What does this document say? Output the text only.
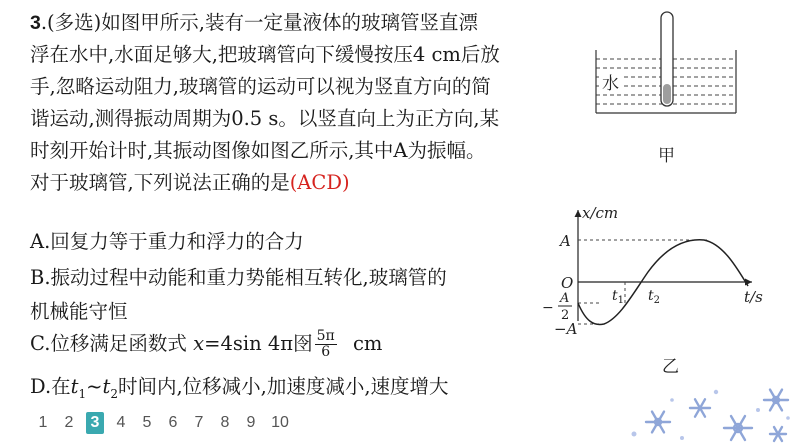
3.(多选)如图甲所示,装有一定量液体的玻璃管竖直漂
浮在水中,水面足够大,把玻璃管向下缓慢按压4 cm后放
手,忽略运动阻力,玻璃管的运动可以视为竖直方向的简
谐运动,测得振动周期为0.5 s。以竖直向上为正方向,某
时刻开始计时,其振动图像如图乙所示,其中A为振幅。
对于玻璃管,下列说法正确的是(ACD)
A.回复力等于重力和浮力的合力
B.振动过程中动能和重力势能相互转化,玻璃管的
机械能守恒
C.位移满足函数式 x=4sin 4π囹 $\frac{5\pi}{6}$ cm
D.在$t_1\sim t_2$时间内,位移减小,加速度减小,速度增大
水
甲
x/cm
t/s
O
A
−
A
2
−A
$t_1$ $t_2$
乙
1 2 3 4 5 6 7 8 9 10
